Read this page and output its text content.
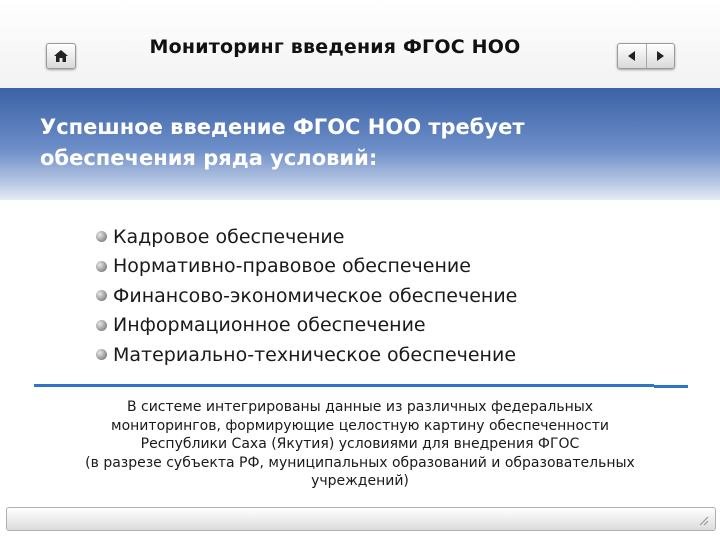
Мониторинг введения ФГОС НОО
Успешное введение ФГОС НОО требует
обеспечения ряда условий:
Кадровое обеспечение
Нормативно-правовое обеспечение
Финансово-экономическое обеспечение
Информационное обеспечение
Материально-техническое обеспечение
В системе интегрированы данные из различных федеральных
мониторингов, формирующие целостную картину обеспеченности
Республики Саха (Якутия) условиями для внедрения ФГОС
(в разрезе субъекта РФ, муниципальных образований и образовательных
учреждений)
